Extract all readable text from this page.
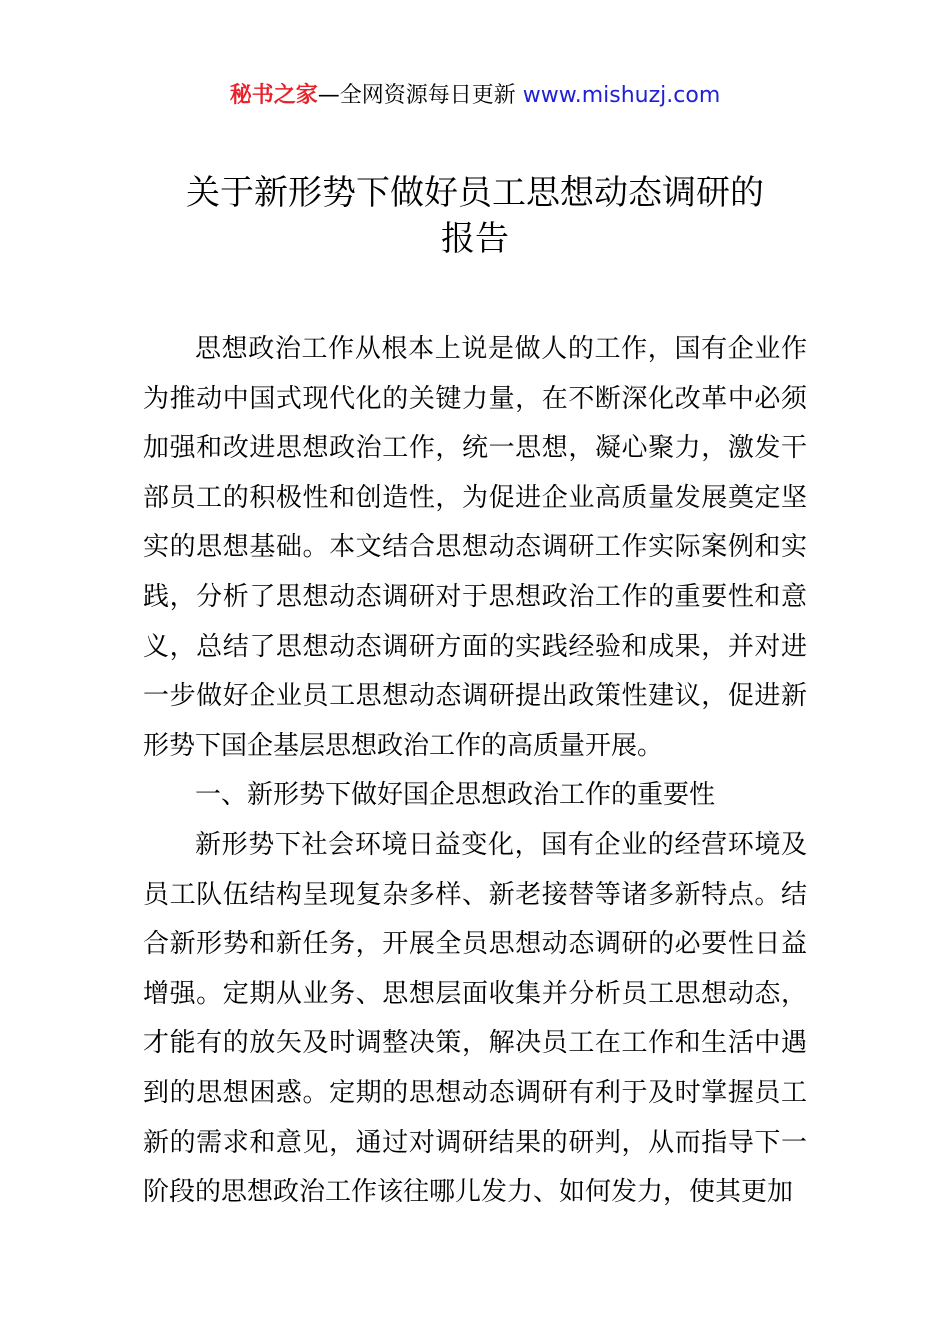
秘书之家—全网资源每日更新 www.mishuzj.com
关于新形势下做好员工思想动态调研的
报告

思想政治工作从根本上说是做人的工作，国有企业作为推动中国式现代化的关键力量，在不断深化改革中必须加强和改进思想政治工作，统一思想，凝心聚力，激发干部员工的积极性和创造性，为促进企业高质量发展奠定坚实的思想基础。本文结合思想动态调研工作实际案例和实践，分析了思想动态调研对于思想政治工作的重要性和意义，总结了思想动态调研方面的实践经验和成果，并对进一步做好企业员工思想动态调研提出政策性建议，促进新形势下国企基层思想政治工作的高质量开展。

一、新形势下做好国企思想政治工作的重要性

新形势下社会环境日益变化，国有企业的经营环境及员工队伍结构呈现复杂多样、新老接替等诸多新特点。结合新形势和新任务，开展全员思想动态调研的必要性日益增强。定期从业务、思想层面收集并分析员工思想动态，才能有的放矢及时调整决策，解决员工在工作和生活中遇到的思想困惑。定期的思想动态调研有利于及时掌握员工新的需求和意见，通过对调研结果的研判，从而指导下一阶段的思想政治工作该往哪儿发力、如何发力，使其更加
